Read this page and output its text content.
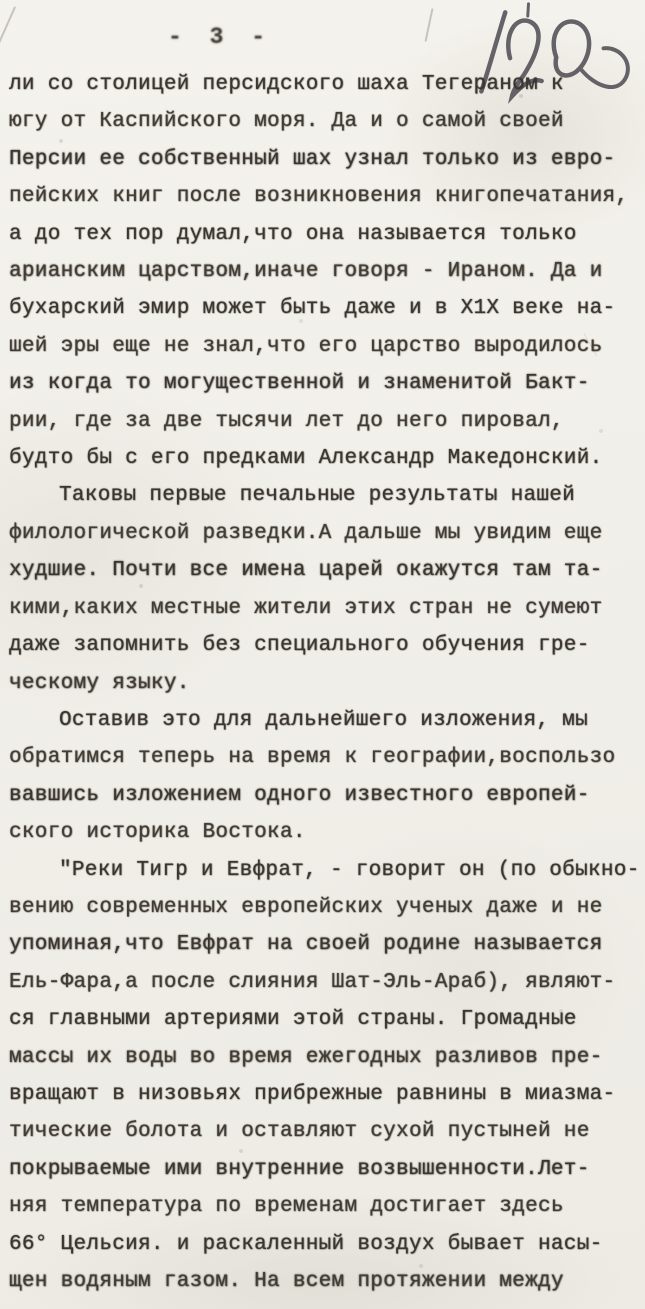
- 3 -
ли со столицей персидского шаха Тегераном к
югу от Каспийского моря. Да и о самой своей
Персии ее собственный шах узнал только из евро-
пейских книг после возникновения книгопечатания,
а до тех пор думал,что она называется только
арианским царством,иначе говоря - Ираном. Да и
бухарский эмир может быть даже и в Х1Х веке на-
шей эры еще не знал,что его царство выродилось
из когда то могущественной и знаменитой Бакт-
рии, где за две тысячи лет до него пировал,
будто бы с его предками Александр Македонский.
Таковы первые печальные результаты нашей
филологической разведки.А дальше мы увидим еще
худшие. Почти все имена царей окажутся там та-
кими,каких местные жители этих стран не сумеют
даже запомнить без специального обучения гре-
ческому языку.
Оставив это для дальнейшего изложения, мы
обратимся теперь на время к географии,воспользо
вавшись изложением одного известного европей-
ского историка Востока.
"Реки Тигр и Евфрат, - говорит он (по обыкно-
вению современных европейских ученых даже и не
упоминая,что Евфрат на своей родине называется
Ель-Фара,а после слияния Шат-Эль-Араб), являют-
ся главными артериями этой страны. Громадные
массы их воды во время ежегодных разливов пре-
вращают в низовьях прибрежные равнины в миазма-
тические болота и оставляют сухой пустыней не
покрываемые ими внутренние возвышенности.Лет-
няя температура по временам достигает здесь
66° Цельсия. и раскаленный воздух бывает насы-
щен водяным газом. На всем протяжении между
